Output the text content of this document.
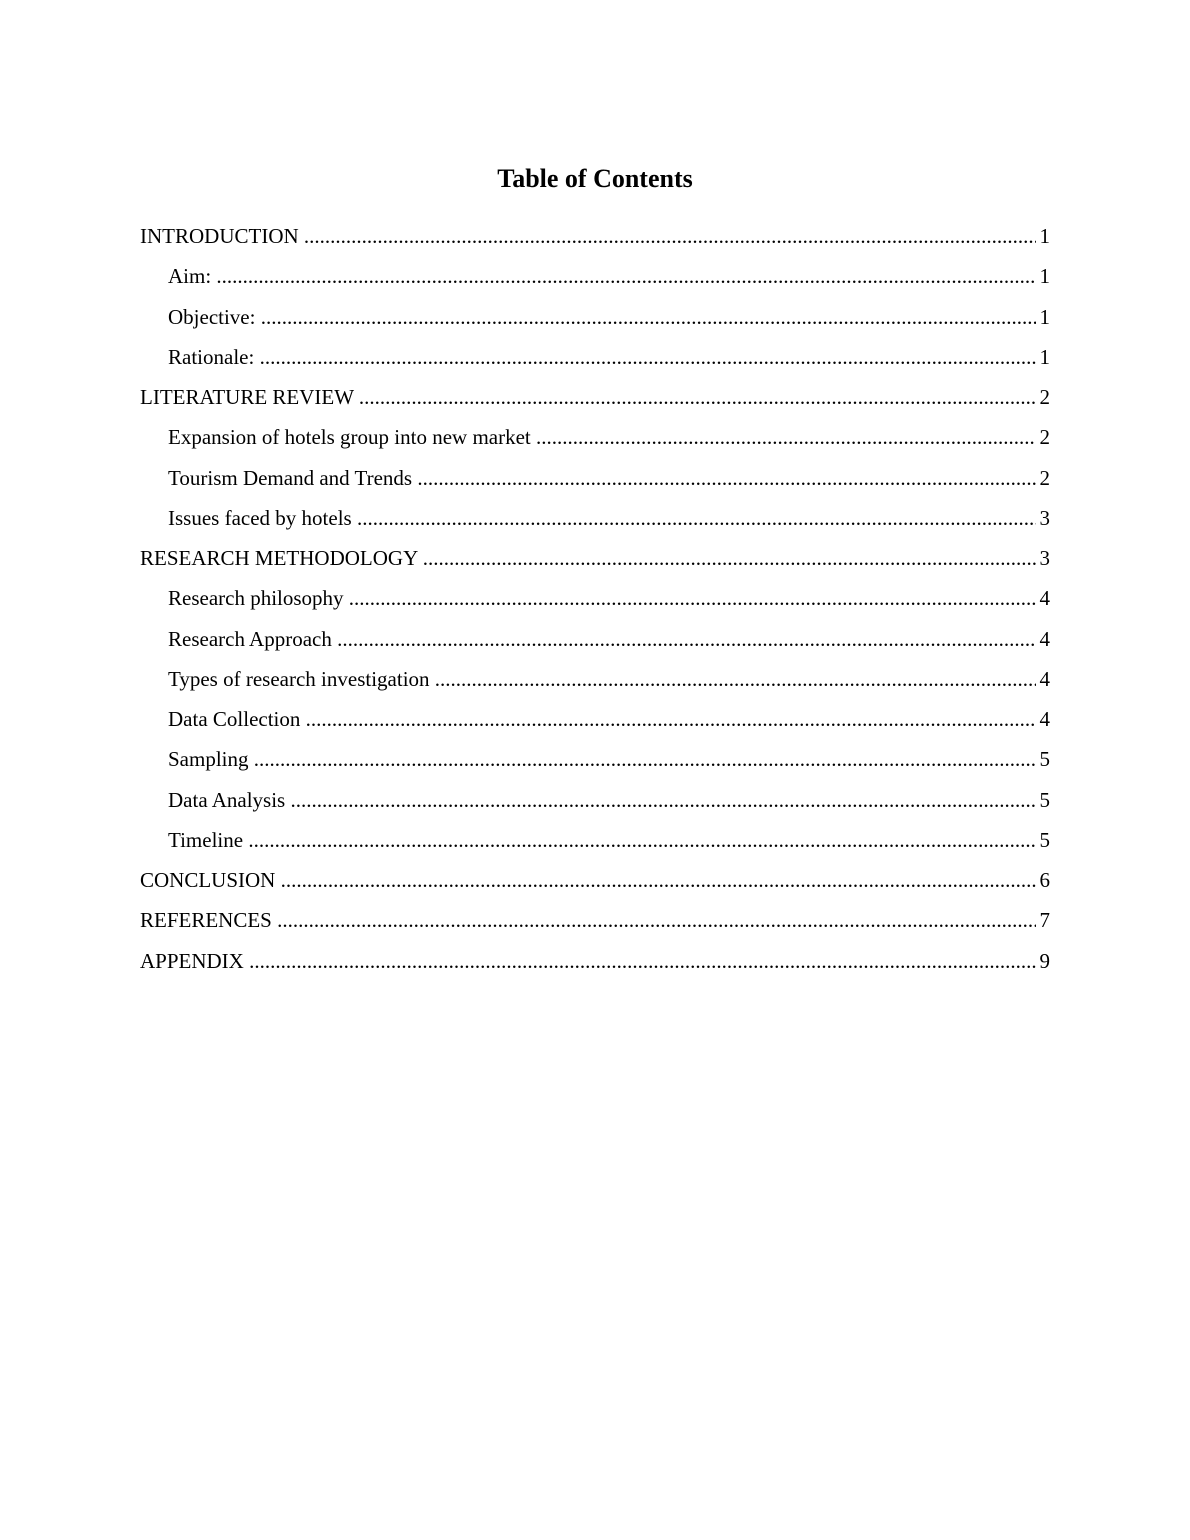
Table of Contents
INTRODUCTION .....	1
Aim: .....	1
Objective: .....	1
Rationale: .....	1
LITERATURE REVIEW .....	2
Expansion of hotels group into new market .....	2
Tourism Demand and Trends .....	2
Issues faced by hotels .....	3
RESEARCH METHODOLOGY .....	3
Research philosophy .....	4
Research Approach .....	4
Types of research investigation .....	4
Data Collection .....	4
Sampling .....	5
Data Analysis .....	5
Timeline .....	5
CONCLUSION .....	6
REFERENCES .....	7
APPENDIX .....	9
